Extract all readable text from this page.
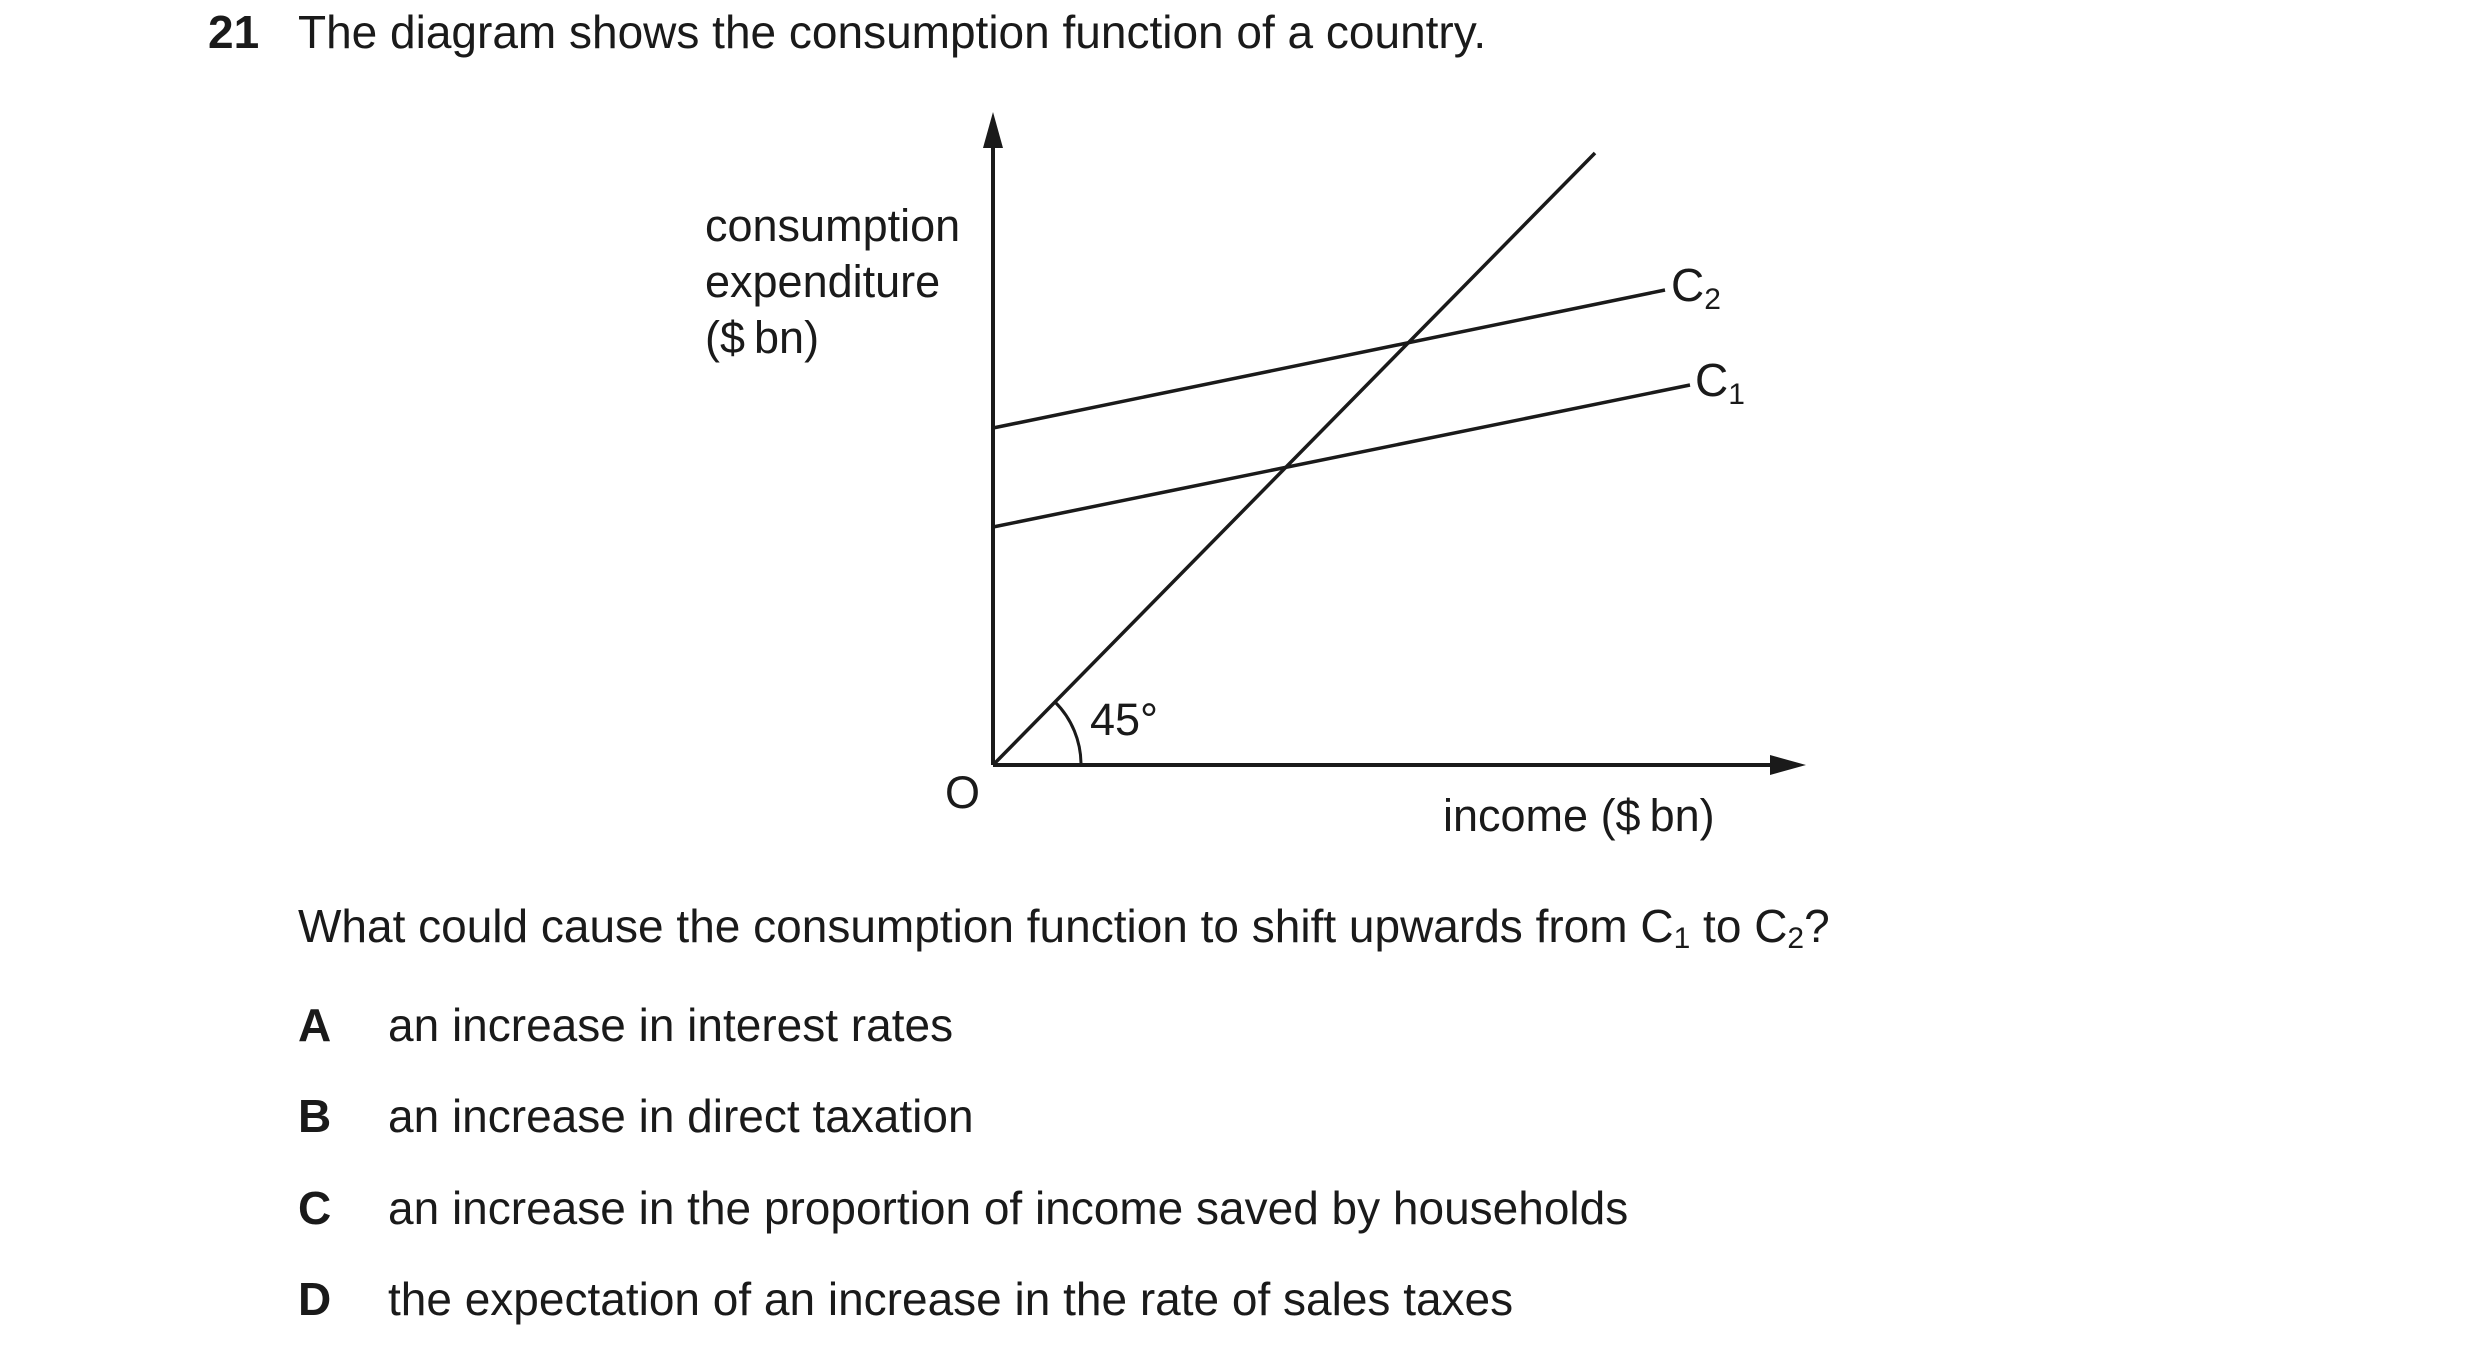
21 The diagram shows the consumption function of a country.
consumption
expenditure
($ bn)
income ($ bn)
O
45°
C2
C1
What could cause the consumption function to shift upwards from $C_1$ to $C_2$?
A	an increase in interest rates
B	an increase in direct taxation
C	an increase in the proportion of income saved by households
D	the expectation of an increase in the rate of sales taxes
